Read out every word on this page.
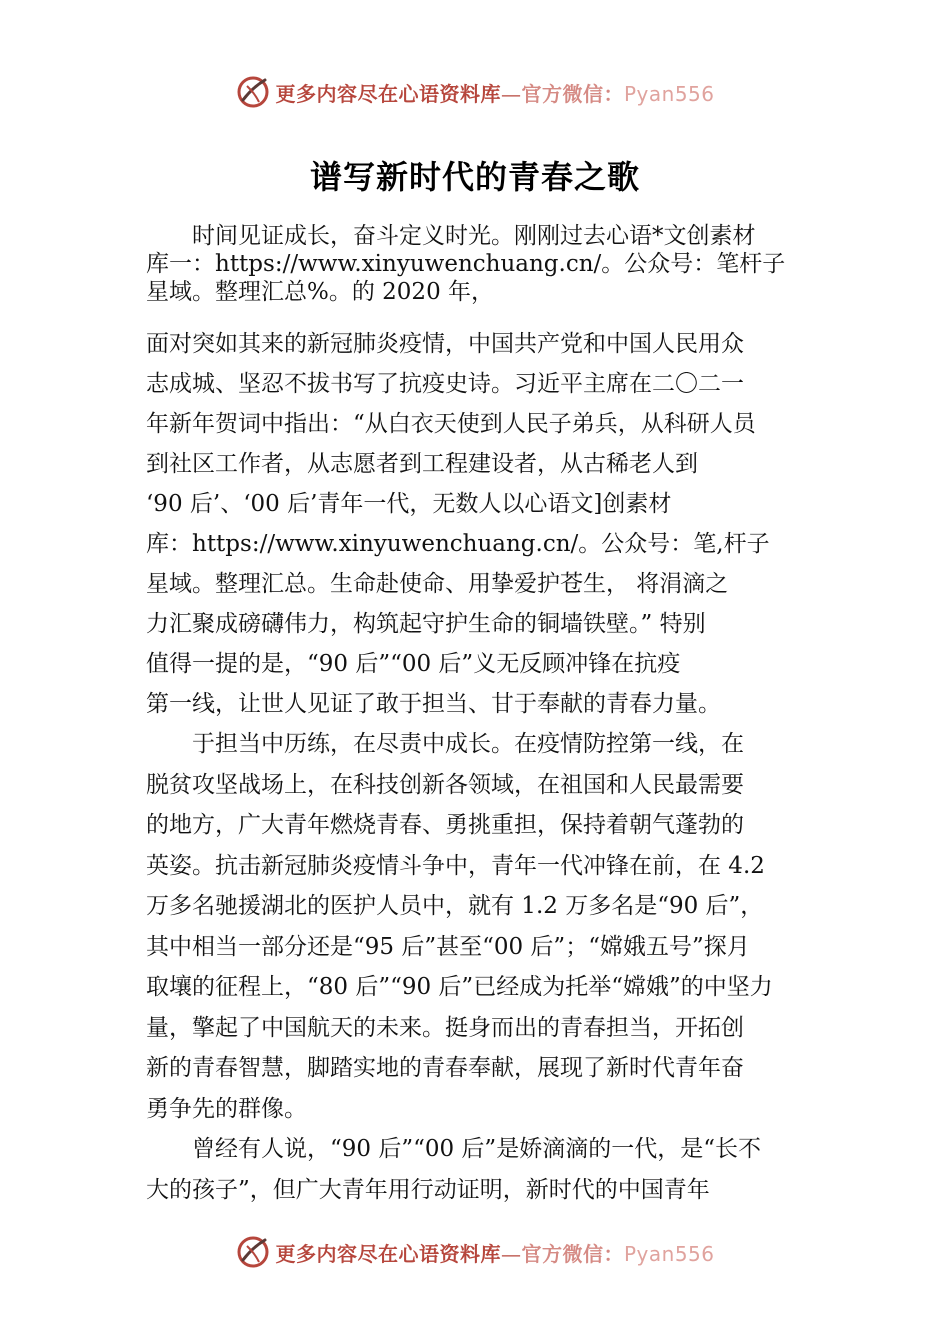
更多内容尽在心语资料库—官方微信：Pyan556
谱写新时代的青春之歌

时间见证成长，奋斗定义时光。刚刚过去心语*文创素材
库一：https://www.xinyuwenchuang.cn/。公众号：笔杆子
星域。整理汇总%。的 2020 年，

面对突如其来的新冠肺炎疫情，中国共产党和中国人民用众
志成城、坚忍不拔书写了抗疫史诗。习近平主席在二〇二一
年新年贺词中指出：“从白衣天使到人民子弟兵，从科研人员
到社区工作者，从志愿者到工程建设者，从古稀老人到
‘90 后’、‘00 后’青年一代，无数人以心语文]创素材
库：https://www.xinyuwenchuang.cn/。公众号：笔,杆子
星域。整理汇总。生命赴使命、用挚爱护苍生， 将涓滴之
力汇聚成磅礴伟力，构筑起守护生命的铜墙铁壁。” 特别
值得一提的是，“90 后”“00 后”义无反顾冲锋在抗疫
第一线，让世人见证了敢于担当、甘于奉献的青春力量。

于担当中历练，在尽责中成长。在疫情防控第一线，在
脱贫攻坚战场上，在科技创新各领域，在祖国和人民最需要
的地方，广大青年燃烧青春、勇挑重担，保持着朝气蓬勃的
英姿。抗击新冠肺炎疫情斗争中，青年一代冲锋在前，在 4.2
万多名驰援湖北的医护人员中，就有 1.2 万多名是“90 后”，
其中相当一部分还是“95 后”甚至“00 后”；“嫦娥五号”探月
取壤的征程上，“80 后”“90 后”已经成为托举“嫦娥”的中坚力
量，擎起了中国航天的未来。挺身而出的青春担当，开拓创
新的青春智慧，脚踏实地的青春奉献，展现了新时代青年奋
勇争先的群像。

曾经有人说，“90 后”“00 后”是娇滴滴的一代，是“长不
大的孩子”，但广大青年用行动证明，新时代的中国青年

更多内容尽在心语资料库—官方微信：Pyan556
